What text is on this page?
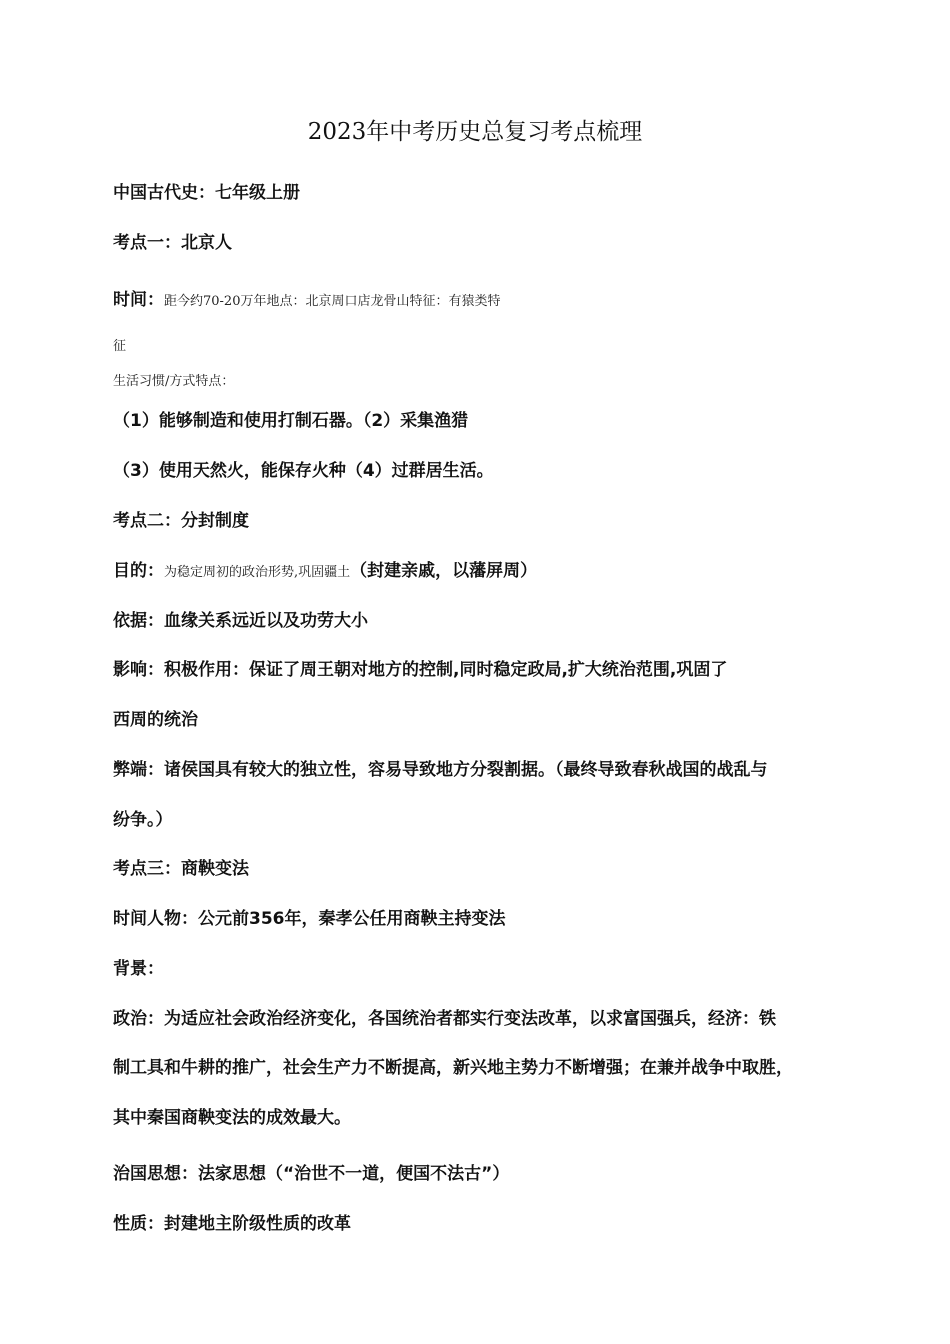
2023年中考历史总复习考点梳理
中国古代史：七年级上册
考点一：北京人
时间：距今约70-20万年地点：北京周口店龙骨山特征：有猿类特
征
生活习惯/方式特点：
（1）能够制造和使用打制石器。（2）采集渔猎
（3）使用天然火，能保存火种（4）过群居生活。
考点二：分封制度
目的：为稳定周初的政治形势,巩固疆土（封建亲戚，以藩屏周）
依据：血缘关系远近以及功劳大小
影响：积极作用：保证了周王朝对地方的控制,同时稳定政局,扩大统治范围,巩固了
西周的统治
弊端：诸侯国具有较大的独立性，容易导致地方分裂割据。（最终导致春秋战国的战乱与
纷争。）
考点三：商鞅变法
时间人物：公元前356年，秦孝公任用商鞅主持变法
背景：
政治：为适应社会政治经济变化，各国统治者都实行变法改革，以求富国强兵，经济：铁
制工具和牛耕的推广，社会生产力不断提高，新兴地主势力不断增强；在兼并战争中取胜，
其中秦国商鞅变法的成效最大。
治国思想：法家思想（“治世不一道，便国不法古”）
性质：封建地主阶级性质的改革
